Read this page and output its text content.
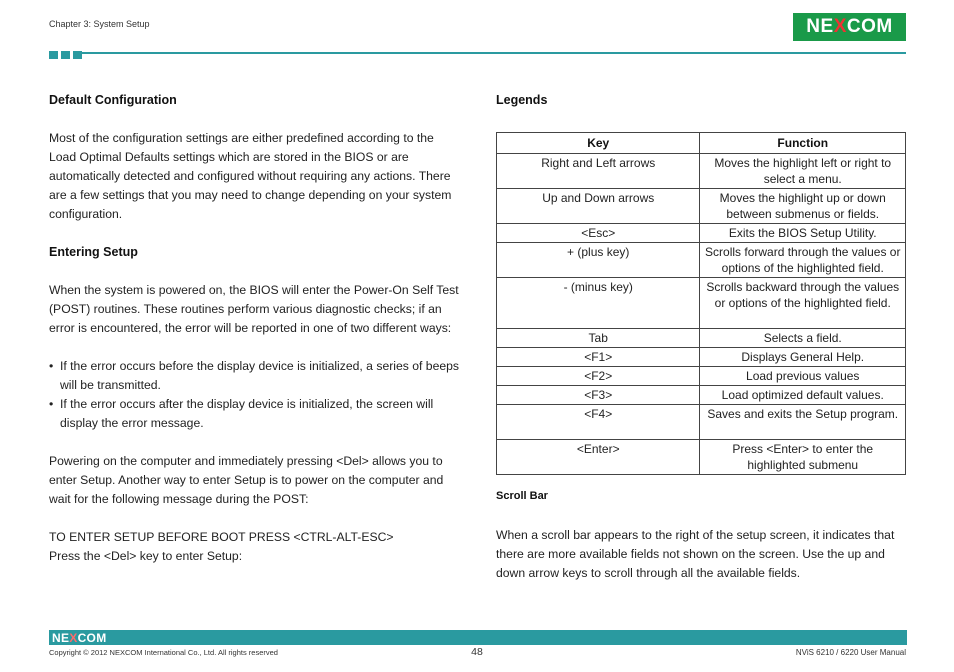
Chapter 3: System Setup	NEXCOM

Default Configuration

Most of the configuration settings are either predefined according to the Load Optimal Defaults settings which are stored in the BIOS or are automatically detected and configured without requiring any actions. There are a few settings that you may need to change depending on your system configuration.

Entering Setup

When the system is powered on, the BIOS will enter the Power-On Self Test (POST) routines. These routines perform various diagnostic checks; if an error is encountered, the error will be reported in one of two different ways:

• If the error occurs before the display device is initialized, a series of beeps will be transmitted.
• If the error occurs after the display device is initialized, the screen will display the error message.

Powering on the computer and immediately pressing <Del> allows you to enter Setup. Another way to enter Setup is to power on the computer and wait for the following message during the POST:

TO ENTER SETUP BEFORE BOOT PRESS <CTRL-ALT-ESC>

Press the <Del> key to enter Setup:

Legends

Key	Function
Right and Left arrows	Moves the highlight left or right to select a menu.
Up and Down arrows	Moves the highlight up or down between submenus or fields.
<Esc>	Exits the BIOS Setup Utility.
+ (plus key)	Scrolls forward through the values or options of the highlighted field.
- (minus key)	Scrolls backward through the values or options of the highlighted field.
Tab	Selects a field.
<F1>	Displays General Help.
<F2>	Load previous values
<F3>	Load optimized default values.
<F4>	Saves and exits the Setup program.
<Enter>	Press <Enter> to enter the highlighted submenu
Scroll Bar
When a scroll bar appears to the right of the setup screen, it indicates that there are more available fields not shown on the screen. Use the up and down arrow keys to scroll through all the available fields.
NEXCOM
Copyright © 2012 NEXCOM International Co., Ltd. All rights reserved	48	NViS 6210 / 6220 User Manual
